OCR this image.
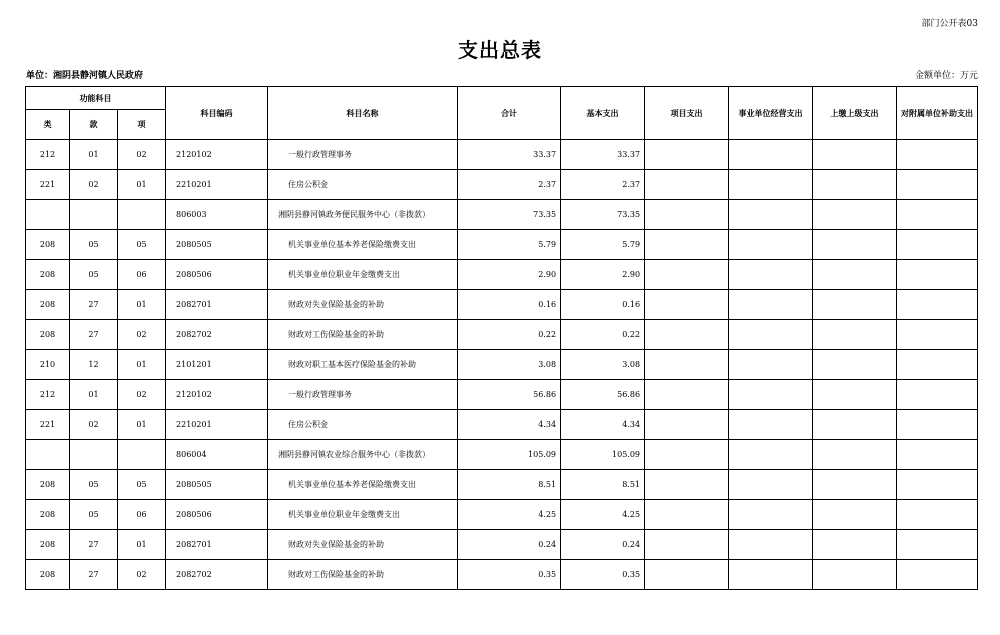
部门公开表03
支出总表
单位：湘阴县静河镇人民政府	金额单位：万元
功能科目			科目编码	科目名称	合计	基本支出	项目支出	事业单位经营支出	上缴上级支出	对附属单位补助支出
类	款	项								
212	01	02	2120102	一般行政管理事务	33.37	33.37				
221	02	01	2210201	住房公积金	2.37	2.37				
			806003	湘阴县静河镇政务便民服务中心（非拨款）	73.35	73.35				
208	05	05	2080505	机关事业单位基本养老保险缴费支出	5.79	5.79				
208	05	06	2080506	机关事业单位职业年金缴费支出	2.90	2.90				
208	27	01	2082701	财政对失业保险基金的补助	0.16	0.16				
208	27	02	2082702	财政对工伤保险基金的补助	0.22	0.22				
210	12	01	2101201	财政对职工基本医疗保险基金的补助	3.08	3.08				
212	01	02	2120102	一般行政管理事务	56.86	56.86				
221	02	01	2210201	住房公积金	4.34	4.34				
			806004	湘阴县静河镇农业综合服务中心（非拨款）	105.09	105.09				
208	05	05	2080505	机关事业单位基本养老保险缴费支出	8.51	8.51				
208	05	06	2080506	机关事业单位职业年金缴费支出	4.25	4.25				
208	27	01	2082701	财政对失业保险基金的补助	0.24	0.24				
208	27	02	2082702	财政对工伤保险基金的补助	0.35	0.35				
